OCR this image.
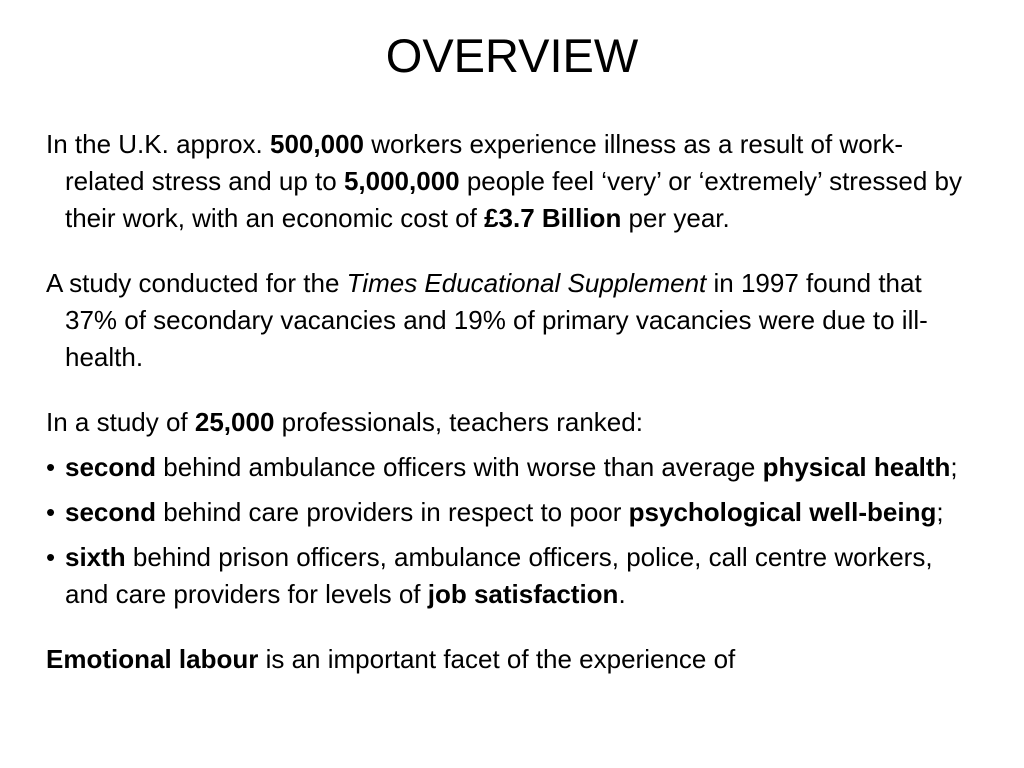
OVERVIEW

In the U.K. approx. 500,000 workers experience illness as a result of work-related stress and up to 5,000,000 people feel ‘very’ or ‘extremely’ stressed by their work, with an economic cost of £3.7 Billion per year.

A study conducted for the Times Educational Supplement in 1997 found that 37% of secondary vacancies and 19% of primary vacancies were due to ill-health.

In a study of 25,000 professionals, teachers ranked:

• second behind ambulance officers with worse than average physical health;

• second behind care providers in respect to poor psychological well-being;

• sixth behind prison officers, ambulance officers, police, call centre workers, and care providers for levels of job satisfaction.

Emotional labour is an important facet of the experience of
